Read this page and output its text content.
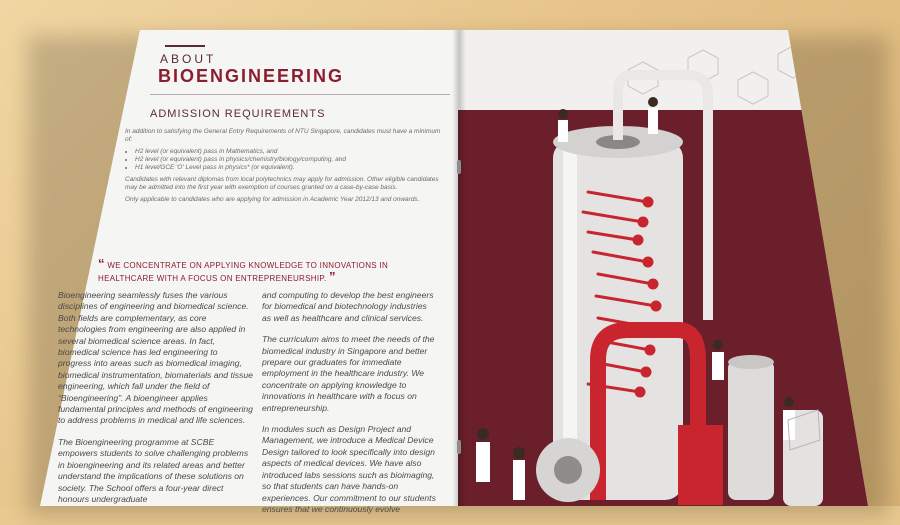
ABOUT
BIOENGINEERING
ADMISSION REQUIREMENTS

In addition to satisfying the General Entry Requirements of NTU Singapore, candidates must have a minimum of:

• H2 level (or equivalent) pass in Mathematics, and
• H2 level (or equivalent) pass in physics/chemistry/biology/computing, and
• H1 level/GCE 'O' Level pass in physics* (or equivalent).

Candidates with relevant diplomas from local polytechnics may apply for admission. Other eligible candidates may be admitted into the first year with exemption of courses granted on a case-by-case basis.

Only applicable to candidates who are applying for admission in Academic Year 2012/13 and onwards.

“ WE CONCENTRATE ON APPLYING KNOWLEDGE TO INNOVATIONS IN HEALTHCARE WITH A FOCUS ON ENTREPRENEURSHIP. ”

Bioengineering seamlessly fuses the various disciplines of engineering and biomedical science. Both fields are complementary, as core technologies from engineering are also applied in several biomedical science areas. In fact, biomedical science has led engineering to progress into areas such as biomedical imaging, biomedical instrumentation, biomaterials and tissue engineering, which fall under the field of “Bioengineering”. A bioengineer applies fundamental principles and methods of engineering to address problems in medical and life sciences.

The Bioengineering programme at SCBE empowers students to solve challenging problems in bioengineering and its related areas and better understand the implications of these solutions on society. The School offers a four-year direct honours undergraduate

and computing to develop the best engineers for biomedical and biotechnology industries as well as healthcare and clinical services.

The curriculum aims to meet the needs of the biomedical industry in Singapore and better prepare our graduates for immediate employment in the healthcare industry. We concentrate on applying knowledge to innovations in healthcare with a focus on entrepreneurship.

In modules such as Design Project and Management, we introduce a Medical Device Design tailored to look specifically into design aspects of medical devices. We have also introduced labs sessions such as bioimaging, so that students can have hands-on experiences. Our commitment to our students ensures that we continuously evolve
